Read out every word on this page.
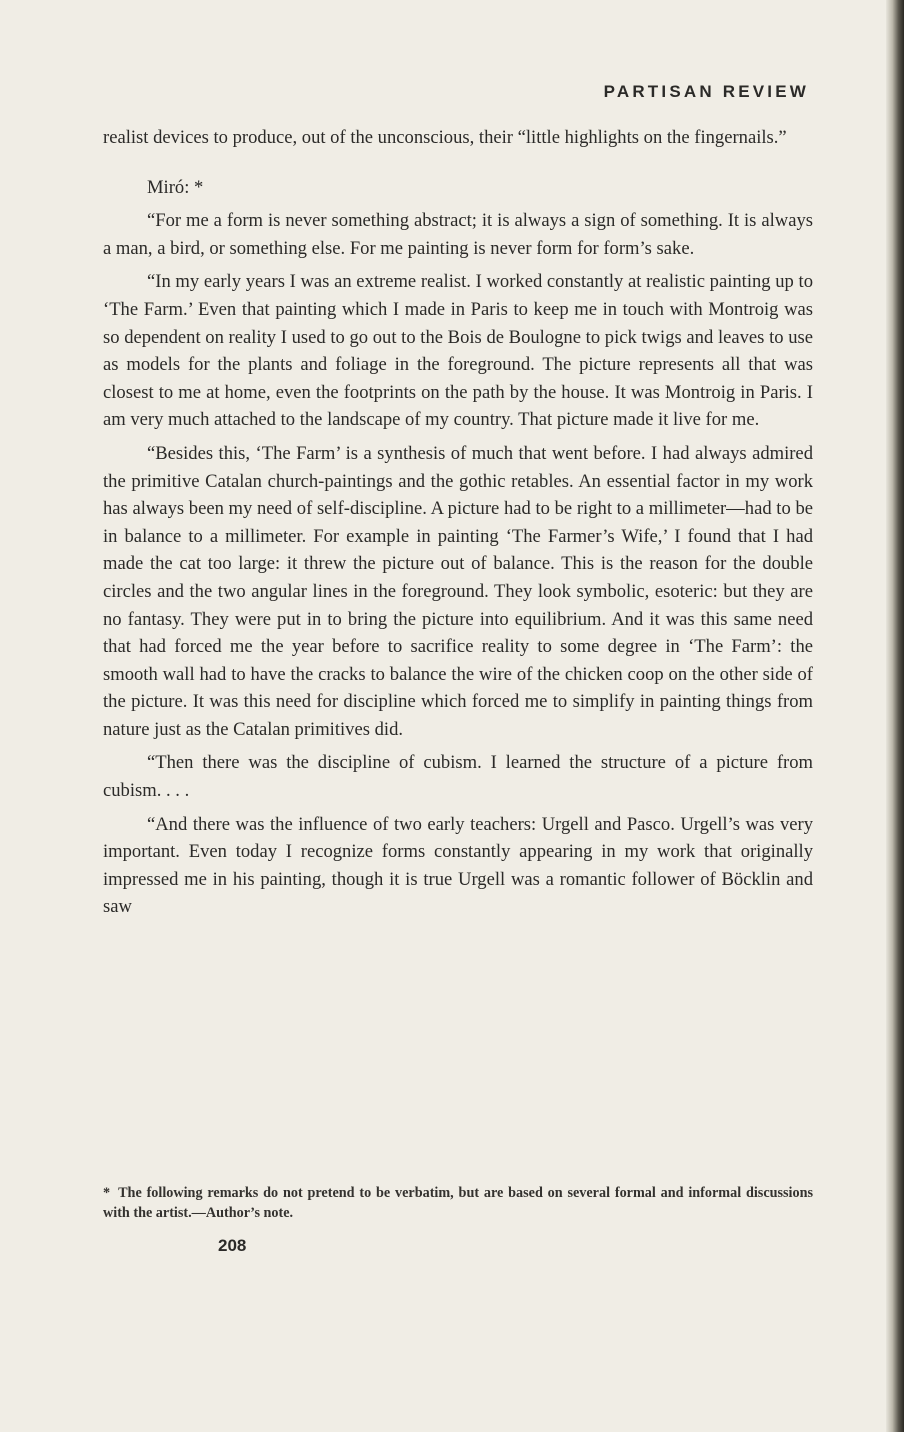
PARTISAN REVIEW

realist devices to produce, out of the unconscious, their “little highlights on the fingernails.”

Miró: *

“For me a form is never something abstract; it is always a sign of something. It is always a man, a bird, or something else. For me painting is never form for form’s sake.

“In my early years I was an extreme realist. I worked constantly at realistic painting up to ‘The Farm.’ Even that painting which I made in Paris to keep me in touch with Montroig was so dependent on reality I used to go out to the Bois de Boulogne to pick twigs and leaves to use as models for the plants and foliage in the foreground. The picture represents all that was closest to me at home, even the footprints on the path by the house. It was Montroig in Paris. I am very much attached to the landscape of my country. That picture made it live for me.

“Besides this, ‘The Farm’ is a synthesis of much that went before. I had always admired the primitive Catalan church-paintings and the gothic retables. An essential factor in my work has always been my need of self-discipline. A picture had to be right to a millimeter—had to be in balance to a millimeter. For example in painting ‘The Farmer’s Wife,’ I found that I had made the cat too large: it threw the picture out of balance. This is the reason for the double circles and the two angular lines in the foreground. They look symbolic, esoteric: but they are no fantasy. They were put in to bring the picture into equilibrium. And it was this same need that had forced me the year before to sacrifice reality to some degree in ‘The Farm’: the smooth wall had to have the cracks to balance the wire of the chicken coop on the other side of the picture. It was this need for discipline which forced me to simplify in painting things from nature just as the Catalan primitives did.

“Then there was the discipline of cubism. I learned the structure of a picture from cubism. . . .

“And there was the influence of two early teachers: Urgell and Pasco. Urgell’s was very important. Even today I recognize forms constantly appearing in my work that originally impressed me in his painting, though it is true Urgell was a romantic follower of Böcklin and saw

* The following remarks do not pretend to be verbatim, but are based on several formal and informal discussions with the artist.—Author’s note.
208
